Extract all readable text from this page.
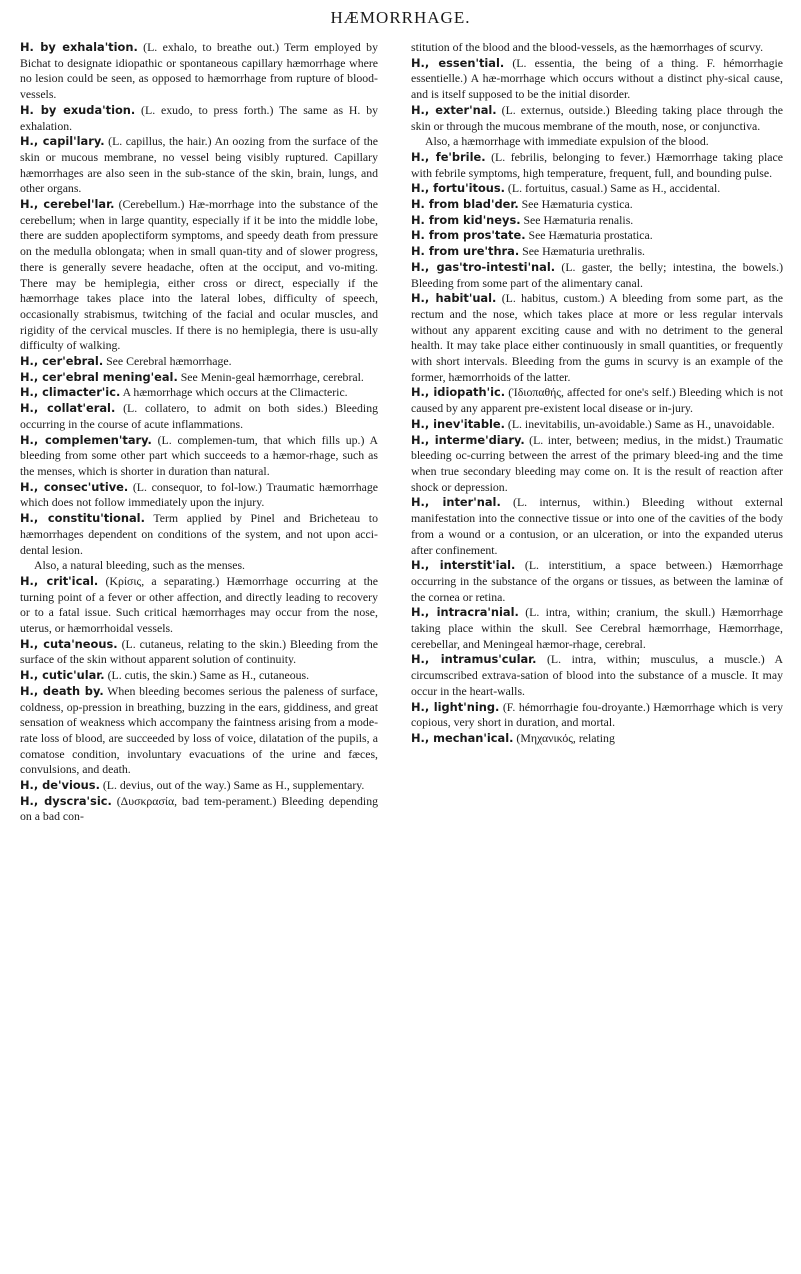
HÆMORRHAGE.

H. by exhala'tion. (L. exhalo, to breathe out.) Term employed by Bichat to designate idiopathic or spontaneous capillary hæmorrhage where no lesion could be seen, as opposed to hæmorrhage from rupture of blood-vessels.

H. by exuda'tion. (L. exudo, to press forth.) The same as H. by exhalation.

H., capil'lary. (L. capillus, the hair.) An oozing from the surface of the skin or mucous membrane, no vessel being visibly ruptured. Capillary hæmorrhages are also seen in the sub-stance of the skin, brain, lungs, and other organs.

H., cerebel'lar. (Cerebellum.) Hæ-morrhage into the substance of the cerebellum; when in large quantity, especially if it be into the middle lobe, there are sudden apoplectiform symptoms, and speedy death from pressure on the medulla oblongata; when in small quan-tity and of slower progress, there is generally severe headache, often at the occiput, and vo-miting. There may be hemiplegia, either cross or direct, especially if the hæmorrhage takes place into the lateral lobes, difficulty of speech, occasionally strabismus, twitching of the facial and ocular muscles, and rigidity of the cervical muscles. If there is no hemiplegia, there is usu-ally difficulty of walking.

H., cer'ebral. See Cerebral hæmorrhage.

H., cer'ebral mening'eal. See Menin-geal hæmorrhage, cerebral.

H., climacter'ic. A hæmorrhage which occurs at the Climacteric.

H., collat'eral. (L. collatero, to admit on both sides.) Bleeding occurring in the course of acute inflammations.

H., complemen'tary. (L. complemen-tum, that which fills up.) A bleeding from some other part which succeeds to a hæmor-rhage, such as the menses, which is shorter in duration than natural.

H., consec'utive. (L. consequor, to fol-low.) Traumatic hæmorrhage which does not follow immediately upon the injury.

H., constitu'tional. Term applied by Pinel and Bricheteau to hæmorrhages dependent on conditions of the system, and not upon acci-dental lesion.

Also, a natural bleeding, such as the menses.

H., crit'ical. (Κρίσις, a separating.) Hæmorrhage occurring at the turning point of a fever or other affection, and directly leading to recovery or to a fatal issue. Such critical hæmorrhages may occur from the nose, uterus, or hæmorrhoidal vessels.

H., cuta'neous. (L. cutaneus, relating to the skin.) Bleeding from the surface of the skin without apparent solution of continuity.

H., cutic'ular. (L. cutis, the skin.) Same as H., cutaneous.

H., death by. When bleeding becomes serious the paleness of surface, coldness, op-pression in breathing, buzzing in the ears, giddiness, and great sensation of weakness which accompany the faintness arising from a mode-rate loss of blood, are succeeded by loss of voice, dilatation of the pupils, a comatose condition, involuntary evacuations of the urine and fæces, convulsions, and death.

H., de'vious. (L. devius, out of the way.) Same as H., supplementary.

H., dyscra'sic. (Δυσκρασία, bad tem-perament.) Bleeding depending on a bad con-

stitution of the blood and the blood-vessels, as the hæmorrhages of scurvy.

H., essen'tial. (L. essentia, the being of a thing. F. hémorrhagie essentielle.) A hæ-morrhage which occurs without a distinct phy-sical cause, and is itself supposed to be the initial disorder.

H., exter'nal. (L. externus, outside.) Bleeding taking place through the skin or through the mucous membrane of the mouth, nose, or conjunctiva.

Also, a hæmorrhage with immediate expulsion of the blood.

H., fe'brile. (L. febrilis, belonging to fever.) Hæmorrhage taking place with febrile symptoms, high temperature, frequent, full, and bounding pulse.

H., fortu'itous. (L. fortuitus, casual.) Same as H., accidental.

H. from blad'der. See Hæmaturia cystica.

H. from kid'neys. See Hæmaturia renalis.

H. from pros'tate. See Hæmaturia prostatica.

H. from ure'thra. See Hæmaturia urethralis.

H., gas'tro-intesti'nal. (L. gaster, the belly; intestina, the bowels.) Bleeding from some part of the alimentary canal.

H., habit'ual. (L. habitus, custom.) A bleeding from some part, as the rectum and the nose, which takes place at more or less regular intervals without any apparent exciting cause and with no detriment to the general health. It may take place either continuously in small quantities, or frequently with short intervals. Bleeding from the gums in scurvy is an example of the former, hæmorrhoids of the latter.

H., idiopath'ic. (Ἰδιοπαθής, affected for one's self.) Bleeding which is not caused by any apparent pre-existent local disease or in-jury.

H., inev'itable. (L. inevitabilis, un-avoidable.) Same as H., unavoidable.

H., interme'diary. (L. inter, between; medius, in the midst.) Traumatic bleeding oc-curring between the arrest of the primary bleed-ing and the time when true secondary bleeding may come on. It is the result of reaction after shock or depression.

H., inter'nal. (L. internus, within.) Bleeding without external manifestation into the connective tissue or into one of the cavities of the body from a wound or a contusion, or an ulceration, or into the expanded uterus after confinement.

H., interstit'ial. (L. interstitium, a space between.) Hæmorrhage occurring in the substance of the organs or tissues, as between the laminæ of the cornea or retina.

H., intracra'nial. (L. intra, within; cranium, the skull.) Hæmorrhage taking place within the skull. See Cerebral hæmorrhage, Hæmorrhage, cerebellar, and Meningeal hæmor-rhage, cerebral.

H., intramus'cular. (L. intra, within; musculus, a muscle.) A circumscribed extrava-sation of blood into the substance of a muscle. It may occur in the heart-walls.

H., light'ning. (F. hémorrhagie fou-droyante.) Hæmorrhage which is very copious, very short in duration, and mortal.

H., mechan'ical. (Μηχανικός, relating
